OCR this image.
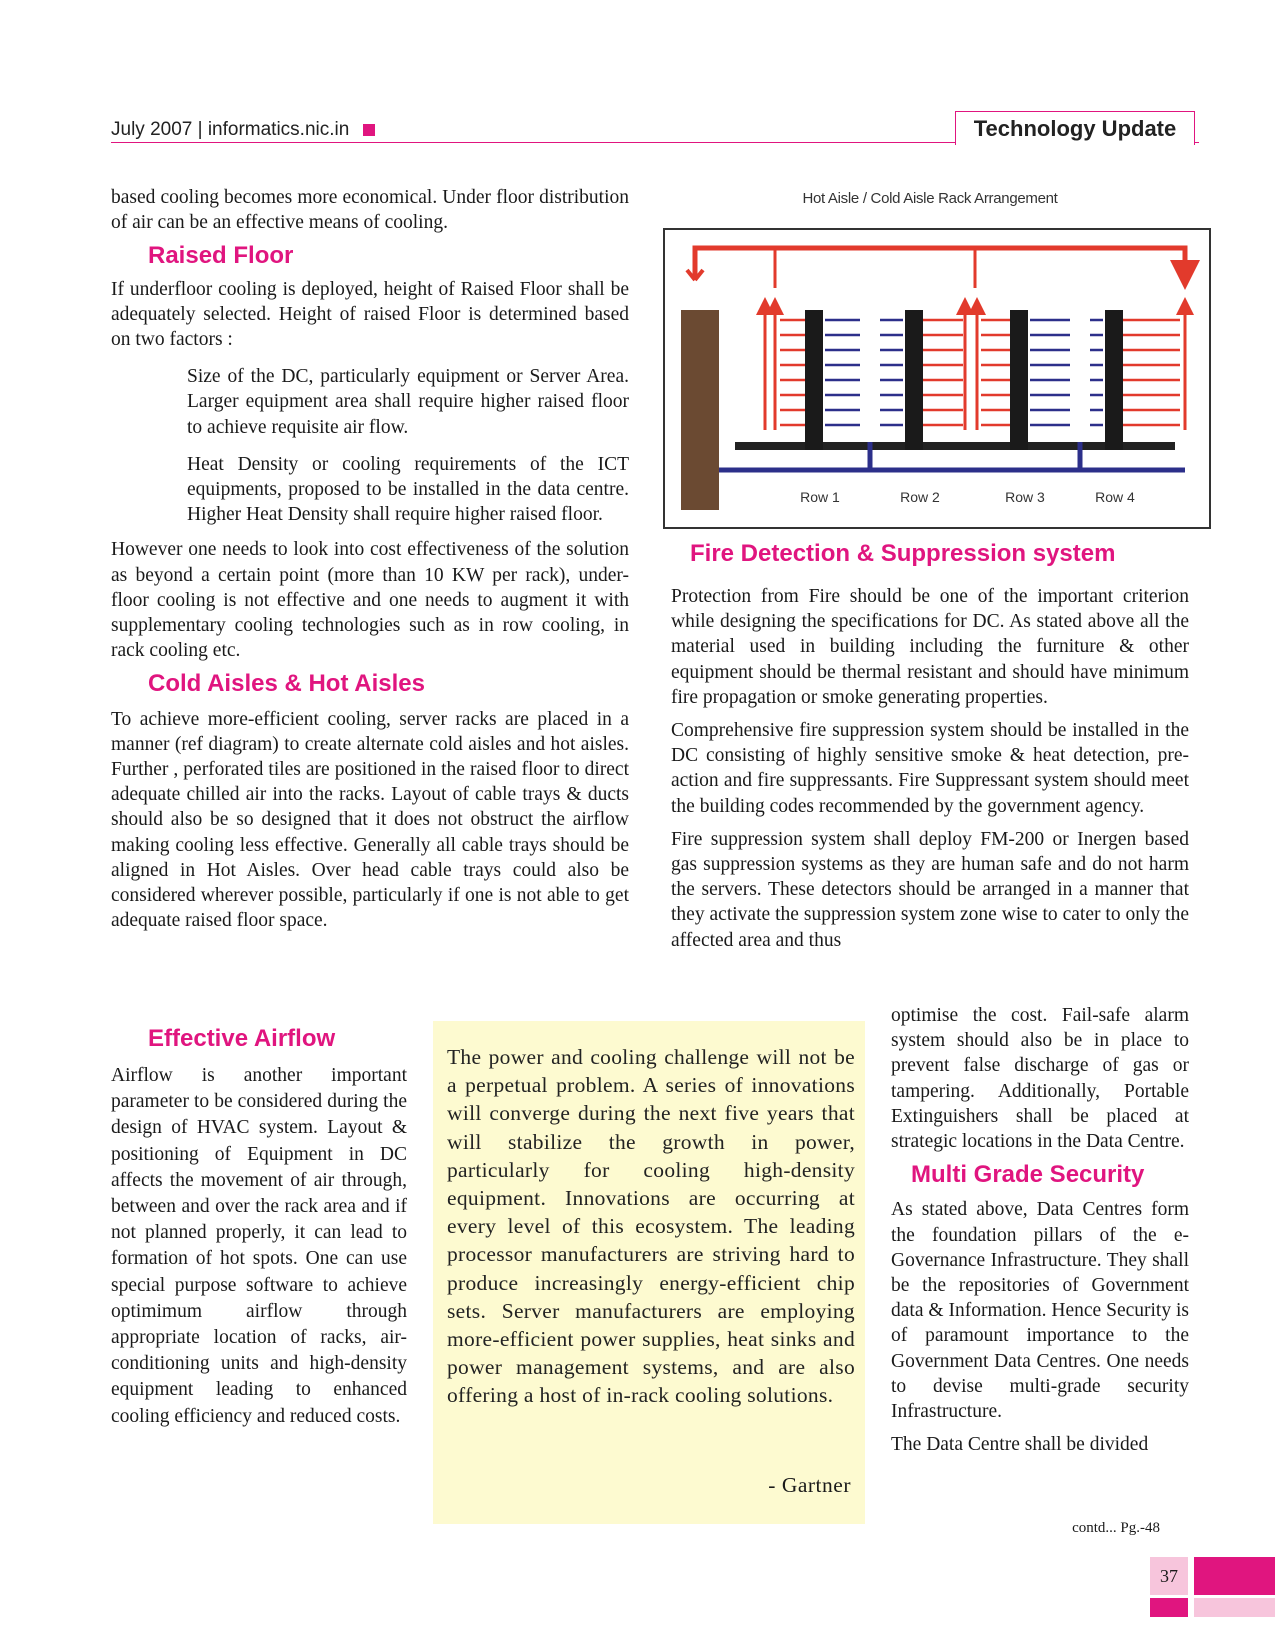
July 2007 | informatics.nic.in	Technology Update

based cooling becomes more economical. Under floor distribution of air can be an effective means of cooling.

Raised Floor

If underfloor cooling is deployed, height of Raised Floor shall be adequately selected. Height of raised Floor is determined based on two factors :

Size of the DC, particularly equipment or Server Area. Larger equipment area shall require higher raised floor to achieve requisite air flow.

Heat Density or cooling requirements of the ICT equipments, proposed to be installed in the data centre. Higher Heat Density shall require higher raised floor.

However one needs to look into cost effectiveness of the solution as beyond a certain point (more than 10 KW per rack), under-floor cooling is not effective and one needs to augment it with supplementary cooling technologies such as in row cooling, in rack cooling etc.

Cold Aisles & Hot Aisles

To achieve more-efficient cooling, server racks are placed in a manner (ref diagram) to create alternate cold aisles and hot aisles. Further , perforated tiles are positioned in the raised floor to direct adequate chilled air into the racks. Layout of cable trays & ducts should also be so designed that it does not obstruct the airflow making cooling less effective. Generally all cable trays should be aligned in Hot Aisles. Over head cable trays could also be considered wherever possible, particularly if one is not able to get adequate raised floor space.

Effective Airflow
Airflow is another important parameter to be considered during the design of HVAC system. Layout & positioning of Equipment in DC affects the movement of air through, between and over the rack area and if not planned properly, it can lead to formation of hot spots. One can use special purpose software to achieve optimimum airflow through appropriate location of racks, air-conditioning units and high-density equipment leading to enhanced cooling efficiency and reduced costs.
Hot Aisle / Cold Aisle Rack Arrangement
Row 1	Row 2	Row 3	Row 4
Fire Detection & Suppression system

Protection from Fire should be one of the important criterion while designing the specifications for DC. As stated above all the material used in building including the furniture & other equipment should be thermal resistant and should have minimum fire propagation or smoke generating properties.

Comprehensive fire suppression system should be installed in the DC consisting of highly sensitive smoke & heat detection, pre-action and fire suppressants. Fire Suppressant system should meet the building codes recommended by the government agency.

Fire suppression system shall deploy FM-200 or Inergen based gas suppression systems as they are human safe and do not harm the servers. These detectors should be arranged in a manner that they activate the suppression system zone wise to cater to only the affected area and thus

optimise the cost. Fail-safe alarm system should also be in place to prevent false discharge of gas or tampering. Additionally, Portable Extinguishers shall be placed at strategic locations in the Data Centre.

Multi Grade Security

As stated above, Data Centres form the foundation pillars of the e-Governance Infrastructure. They shall be the repositories of Government data & Information. Hence Security is of paramount importance to the Government Data Centres. One needs to devise multi-grade security Infrastructure.

The Data Centre shall be divided

The power and cooling challenge will not be a perpetual problem. A series of innovations will converge during the next five years that will stabilize the growth in power, particularly for cooling high-density equipment. Innovations are occurring at every level of this ecosystem. The leading processor manufacturers are striving hard to produce increasingly energy-efficient chip sets. Server manufacturers are employing more-efficient power supplies, heat sinks and power management systems, and are also offering a host of in-rack cooling solutions.
- Gartner
contd... Pg.-48
37
